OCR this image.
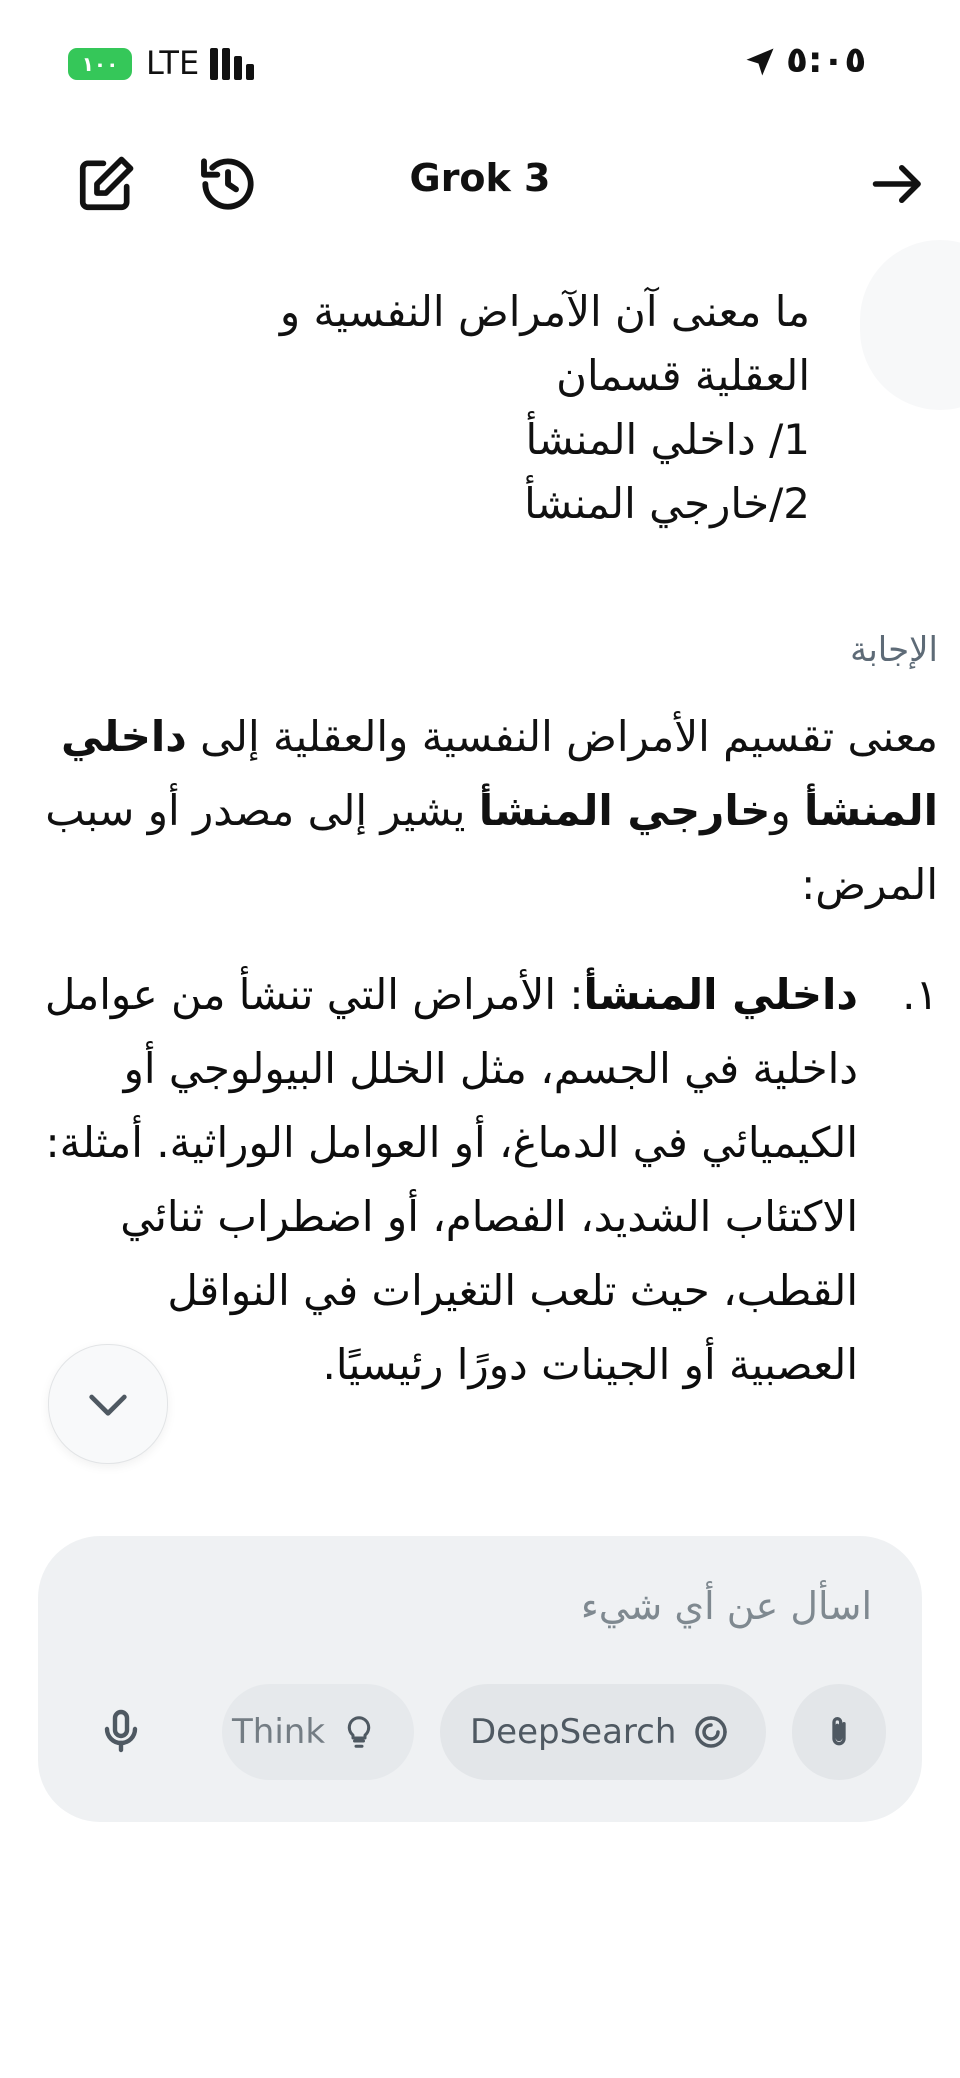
١٠٠ LTE	٥:٠٥
Grok 3
ما معنى آن الآمراض النفسية و
العقلية قسمان
1/ داخلي المنشأ
2/خارجي المنشأ
الإجابة
معنى تقسيم الأمراض النفسية والعقلية إلى داخلي المنشأ وخارجي المنشأ يشير إلى مصدر أو سبب المرض:
١.
داخلي المنشأ: الأمراض التي تنشأ من عوامل داخلية في الجسم، مثل الخلل البيولوجي أو الكيميائي في الدماغ، أو العوامل الوراثية. أمثلة: الاكتئاب الشديد، الفصام، أو اضطراب ثنائي القطب، حيث تلعب التغيرات في النواقل العصبية أو الجينات دورًا رئيسيًا.
اسأل عن أي شيء
Think	DeepSearch
